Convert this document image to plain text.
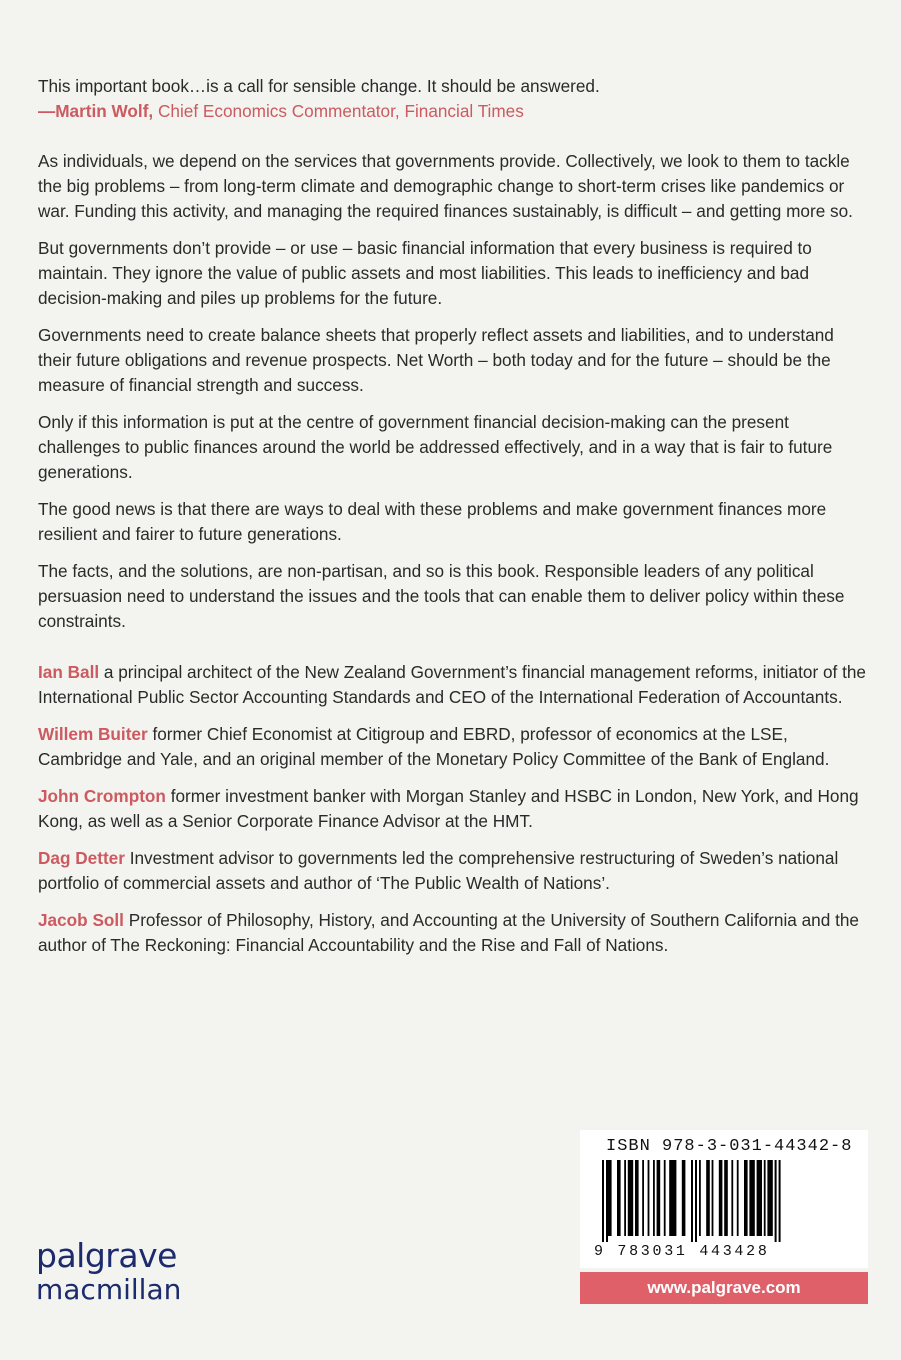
This important book…is a call for sensible change. It should be answered.
—Martin Wolf, Chief Economics Commentator, Financial Times

As individuals, we depend on the services that governments provide. Collectively, we look to them to tackle the big problems – from long-term climate and demographic change to short-term crises like pandemics or war. Funding this activity, and managing the required finances sustainably, is difficult – and getting more so.

But governments don’t provide – or use – basic financial information that every business is required to maintain. They ignore the value of public assets and most liabilities. This leads to inefficiency and bad decision-making and piles up problems for the future.

Governments need to create balance sheets that properly reflect assets and liabilities, and to understand their future obligations and revenue prospects. Net Worth – both today and for the future – should be the measure of financial strength and success.

Only if this information is put at the centre of government financial decision-making can the present challenges to public finances around the world be addressed effectively, and in a way that is fair to future generations.

The good news is that there are ways to deal with these problems and make government finances more resilient and fairer to future generations.

The facts, and the solutions, are non-partisan, and so is this book. Responsible leaders of any political persuasion need to understand the issues and the tools that can enable them to deliver policy within these constraints.

Ian Ball a principal architect of the New Zealand Government’s financial management reforms, initiator of the International Public Sector Accounting Standards and CEO of the International Federation of Accountants.

Willem Buiter former Chief Economist at Citigroup and EBRD, professor of economics at the LSE, Cambridge and Yale, and an original member of the Monetary Policy Committee of the Bank of England.

John Crompton former investment banker with Morgan Stanley and HSBC in London, New York, and Hong Kong, as well as a Senior Corporate Finance Advisor at the HMT.

Dag Detter Investment advisor to governments led the comprehensive restructuring of Sweden’s national portfolio of commercial assets and author of ‘The Public Wealth of Nations’.

Jacob Soll Professor of Philosophy, History, and Accounting at the University of Southern California and the author of The Reckoning: Financial Accountability and the Rise and Fall of Nations.

palgrave
macmillan
ISBN 978-3-031-44342-8
9 783031 443428
www.palgrave.com
